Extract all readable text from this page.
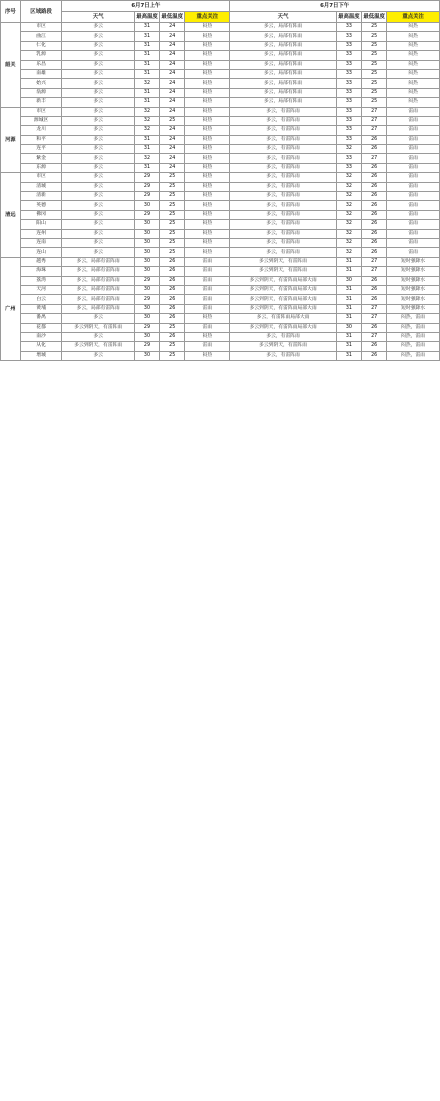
序号	区域路段	6月7日上午				6月7日下午			
		天气	最高温度	最低温度	重点关注	天气	最高温度	最低温度	重点关注
韶关	市区	多云	31	24	闷热	多云，局部有阵雨	33	25	闷热
	曲江	多云	31	24	闷热	多云，局部有阵雨	33	25	闷热
	仁化	多云	31	24	闷热	多云，局部有阵雨	33	25	闷热
	乳源	多云	31	24	闷热	多云，局部有阵雨	33	25	闷热
	乐昌	多云	31	24	闷热	多云，局部有阵雨	33	25	闷热
	南雄	多云	31	24	闷热	多云，局部有阵雨	33	25	闷热
	始兴	多云	32	24	闷热	多云，局部有阵雨	33	25	闷热
	翁源	多云	31	24	闷热	多云，局部有阵雨	33	25	闷热
	新丰	多云	31	24	闷热	多云，局部有阵雨	33	25	闷热
河源	市区	多云	32	24	闷热	多云，有雷阵雨	33	27	雷雨
	源城区	多云	32	25	闷热	多云，有雷阵雨	33	27	雷雨
	龙川	多云	32	24	闷热	多云，有雷阵雨	33	27	雷雨
	和平	多云	31	24	闷热	多云，有雷阵雨	33	26	雷雨
	连平	多云	31	24	闷热	多云，有雷阵雨	32	26	雷雨
	紫金	多云	32	24	闷热	多云，有雷阵雨	33	27	雷雨
	东源	多云	31	24	闷热	多云，有雷阵雨	33	26	雷雨
清远	市区	多云	29	25	闷热	多云，有雷阵雨	32	26	雷雨
	清城	多云	29	25	闷热	多云，有雷阵雨	32	26	雷雨
	清新	多云	29	25	闷热	多云，有雷阵雨	32	26	雷雨
	英德	多云	30	25	闷热	多云，有雷阵雨	32	26	雷雨
	佛冈	多云	29	25	闷热	多云，有雷阵雨	32	26	雷雨
	阳山	多云	30	25	闷热	多云，有雷阵雨	32	26	雷雨
	连州	多云	30	25	闷热	多云，有雷阵雨	32	26	雷雨
	连南	多云	30	25	闷热	多云，有雷阵雨	32	26	雷雨
	连山	多云	30	25	闷热	多云，有雷阵雨	32	26	雷雨
广州	越秀	多云，局部有雷阵雨	30	26	雷雨	多云到阴天，有雷阵雨	31	27	短时强降水
	海珠	多云，局部有雷阵雨	30	26	雷雨	多云到阴天，有雷阵雨	31	27	短时强降水
	荔湾	多云，局部有雷阵雨	29	26	雷雨	多云到阴天，有雷阵雨局部大雨	30	26	短时强降水
	天河	多云，局部有雷阵雨	30	26	雷雨	多云到阴天，有雷阵雨局部大雨	31	26	短时强降水
	白云	多云，局部有雷阵雨	29	26	雷雨	多云到阴天，有雷阵雨局部大雨	31	26	短时强降水
	黄埔	多云，局部有雷阵雨	30	26	雷雨	多云到阴天，有雷阵雨局部大雨	31	27	短时强降水
	番禺	多云	30	26	闷热	多云，有雷阵雨局部大雨	31	27	闷热，雷雨
	花都	多云到阴天，有雷阵雨	29	25	雷雨	多云到阴天，有雷阵雨局部大雨	30	26	闷热，雷雨
	南沙	多云	30	26	闷热	多云，有雷阵雨	31	27	闷热，雷雨
	从化	多云到阴天，有雷阵雨	29	25	雷雨	多云到阴天，有雷阵雨	31	26	闷热，雷雨
	增城	多云	30	25	闷热	多云，有雷阵雨	31	26	闷热，雷雨
